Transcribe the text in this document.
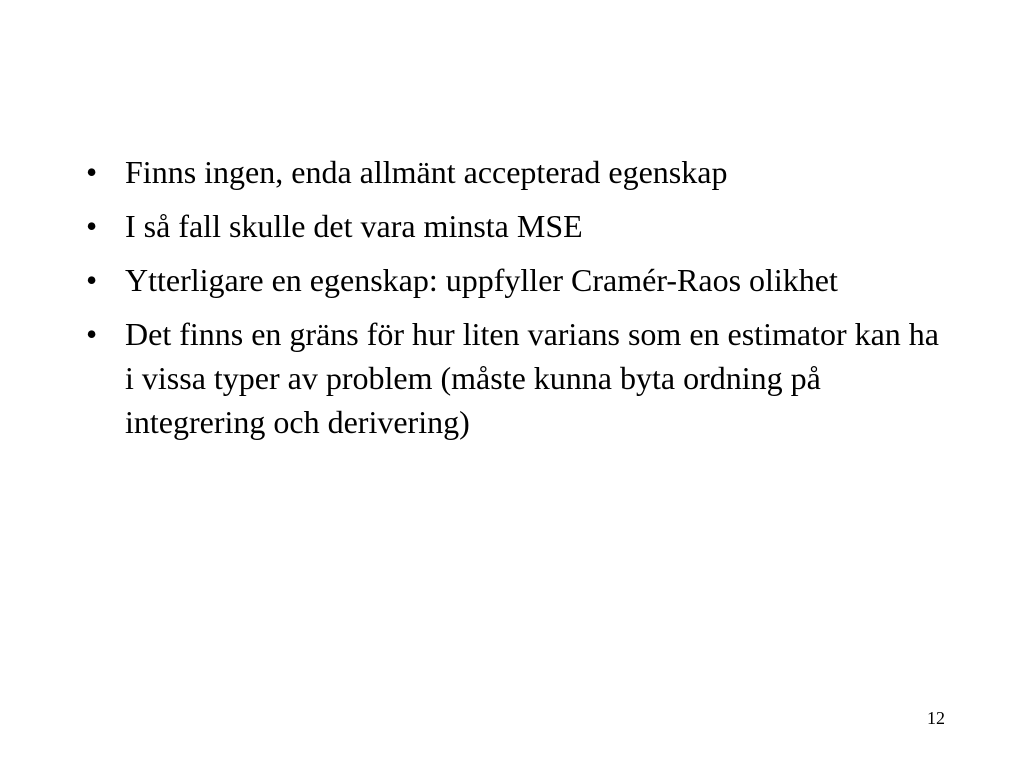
• Finns ingen, enda allmänt accepterad egenskap
• I så fall skulle det vara minsta MSE
• Ytterligare en egenskap: uppfyller Cramér-Raos olikhet
• Det finns en gräns för hur liten varians som en estimator kan ha i vissa typer av problem (måste kunna byta ordning på integrering och derivering)
12
